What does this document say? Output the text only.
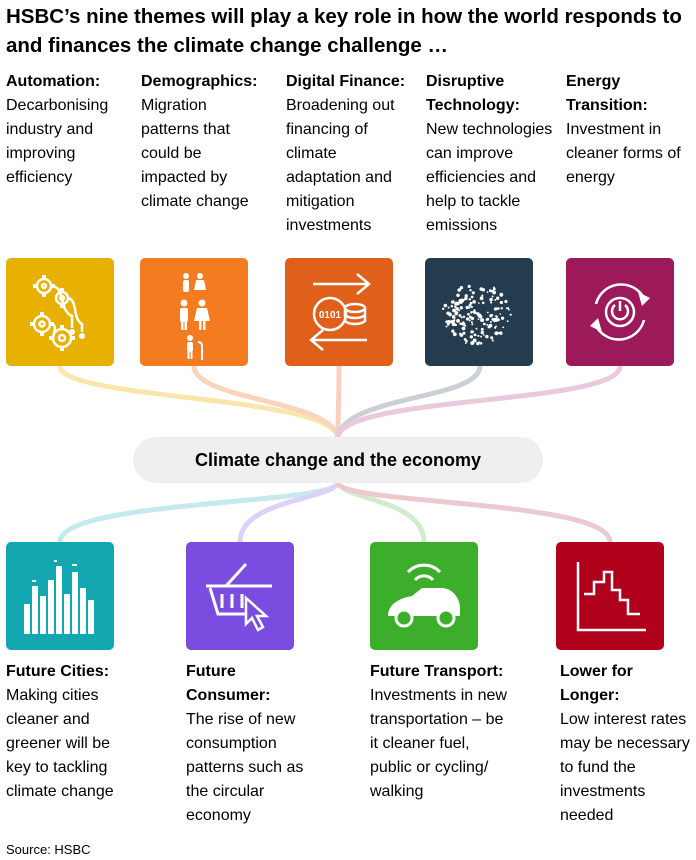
HSBC’s nine themes will play a key role in how the world responds to
and finances the climate change challenge …
Automation:
Decarbonising
industry and
improving
efficiency
Demographics:
Migration
patterns that
could be
impacted by
climate change
Digital Finance:
Broadening out
financing of
climate
adaptation and
mitigation
investments
Disruptive
Technology:
New technologies
can improve
efficiencies and
help to tackle
emissions
Energy
Transition:
Investment in
cleaner forms of
energy
0101
Climate change and the economy
Future Cities:
Making cities
cleaner and
greener will be
key to tackling
climate change
Future
Consumer:
The rise of new
consumption
patterns such as
the circular
economy
Future Transport:
Investments in new
transportation – be
it cleaner fuel,
public or cycling/
walking
Lower for
Longer:
Low interest rates
may be necessary
to fund the
investments
needed
Source: HSBC
